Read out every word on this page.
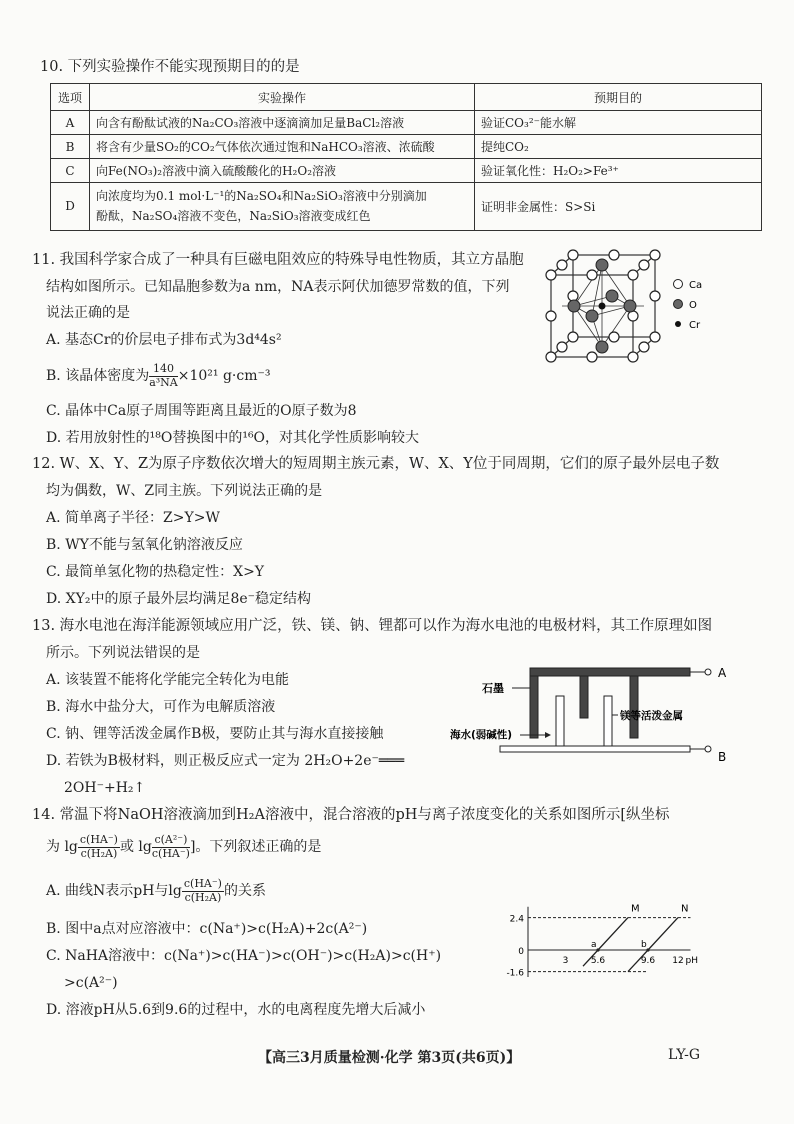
10. 下列实验操作不能实现预期目的的是
选项	实验操作	预期目的
A	向含有酚酞试液的Na₂CO₃溶液中逐滴滴加足量BaCl₂溶液	验证CO₃²⁻能水解
B	将含有少量SO₂的CO₂气体依次通过饱和NaHCO₃溶液、浓硫酸	提纯CO₂
C	向Fe(NO₃)₂溶液中滴入硫酸酸化的H₂O₂溶液	验证氧化性：H₂O₂>Fe³⁺
D	向浓度均为0.1 mol·L⁻¹的Na₂SO₄和Na₂SiO₃溶液中分别滴加
酚酞，Na₂SO₄溶液不变色，Na₂SiO₃溶液变成红色	证明非金属性：S>Si
11. 我国科学家合成了一种具有巨磁电阻效应的特殊导电性物质，其立方晶胞
结构如图所示。已知晶胞参数为a nm，NA表示阿伏加德罗常数的值，下列
说法正确的是
A. 基态Cr的价层电子排布式为3d⁴4s²
B. 该晶体密度为 $\frac{140}{\text{a³NA}} \times 10^{21}$ g·cm⁻³
C. 晶体中Ca原子周围等距离且最近的O原子数为8
D. 若用放射性的¹⁸O替换图中的¹⁶O，对其化学性质影响较大
Ca
O
Cr
12. W、X、Y、Z为原子序数依次增大的短周期主族元素，W、X、Y位于同周期，它们的原子最外层电子数
均为偶数，W、Z同主族。下列说法正确的是
A. 简单离子半径：Z>Y>W
B. WY不能与氢氧化钠溶液反应
C. 最简单氢化物的热稳定性：X>Y
D. XY₂中的原子最外层均满足8e⁻稳定结构
13. 海水电池在海洋能源领域应用广泛，铁、镁、钠、锂都可以作为海水电池的电极材料，其工作原理如图
所示。下列说法错误的是
A. 该装置不能将化学能完全转化为电能
B. 海水中盐分大，可作为电解质溶液
C. 钠、锂等活泼金属作B极，要防止其与海水直接接触
D. 若铁为B极材料，则正极反应式一定为 2H₂O+2e⁻═══
2OH⁻+H₂↑
A
B
石墨
镁等活泼金属
海水(弱碱性)
14. 常温下将NaOH溶液滴加到H₂A溶液中，混合溶液的pH与离子浓度变化的关系如图所示[纵坐标
为 $\lg \frac{c(HA^-)}{\text{c(H₂A)}}$ 或 $\lg \frac{\text{c(A²⁻)}}{c(HA^-)}$ ]。下列叙述正确的是
A. 曲线N表示pH与$\lg \frac{c(HA^-)}{\text{c(H₂A)}}$ 的关系
B. 图中a点对应溶液中：c(Na⁺)>c(H₂A)+2c(A²⁻)
C. NaHA溶液中：c(Na⁺)>c(HA⁻)>c(OH⁻)>c(H₂A)>c(H⁺)
>c(A²⁻)
D. 溶液pH从5.6到9.6的过程中，水的电离程度先增大后减小
2.4
0
-1.6
3 5.6	9.6 12 pH
M	N
a	b
【高三3月质量检测·化学 第3页(共6页)】	LY-G
